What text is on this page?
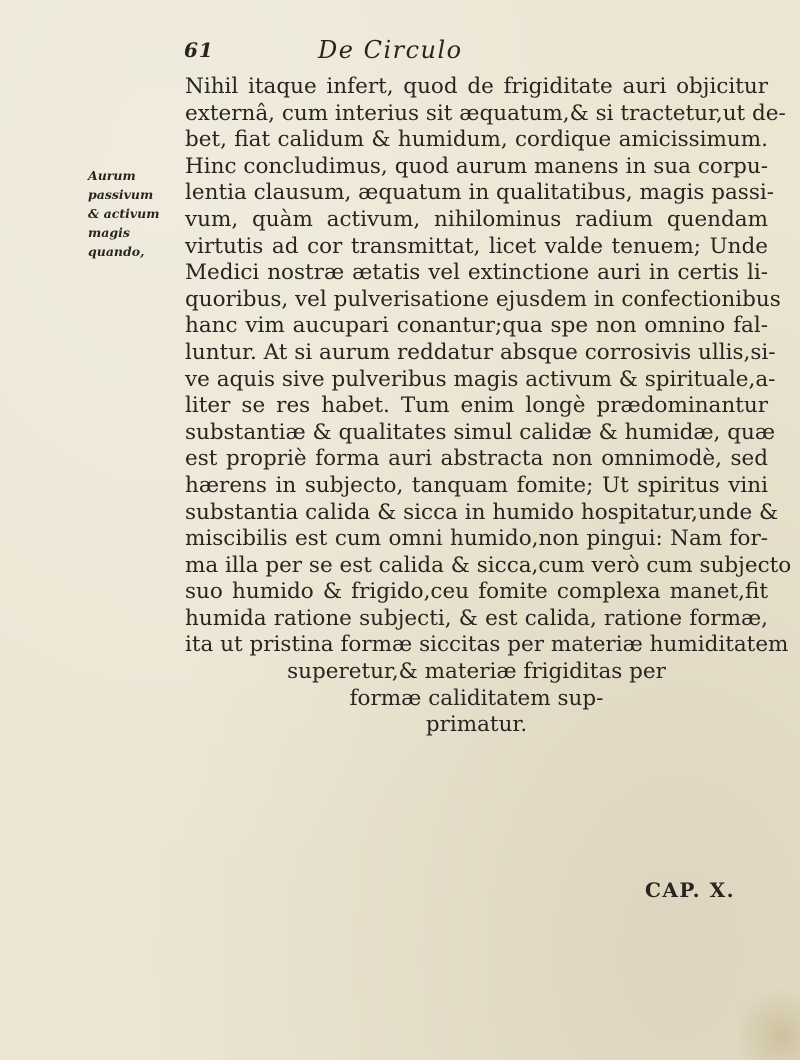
61	De Circulo
Aurum
passivum
& activum
magis
quando,
Nihil itaque infert, quod de frigiditate auri objicitur
externâ, cum interius sit æquatum,& si tractetur,ut de-
bet, fiat calidum & humidum, cordique amicissimum.
Hinc concludimus, quod aurum manens in sua corpu-
lentia clausum, æquatum in qualitatibus, magis passi-
vum, quàm activum, nihilominus radium quendam
virtutis ad cor transmittat, licet valde tenuem; Unde
Medici nostræ ætatis vel extinctione auri in certis li-
quoribus, vel pulverisatione ejusdem in confectionibus
hanc vim aucupari conantur;qua spe non omnino fal-
luntur. At si aurum reddatur absque corrosivis ullis,si-
ve aquis sive pulveribus magis activum & spirituale,a-
liter se res habet. Tum enim longè prædominantur
substantiæ & qualitates simul calidæ & humidæ, quæ
est propriè forma auri abstracta non omnimodè, sed
hærens in subjecto, tanquam fomite; Ut spiritus vini
substantia calida & sicca in humido hospitatur,unde &
miscibilis est cum omni humido,non pingui: Nam for-
ma illa per se est calida & sicca,cum verò cum subjecto
suo humido & frigido,ceu fomite complexa manet,fit
humida ratione subjecti, & est calida, ratione formæ,
ita ut pristina formæ siccitas per materiæ humiditatem
superetur,& materiæ frigiditas per
formæ caliditatem sup-
primatur.
CAP. X.
